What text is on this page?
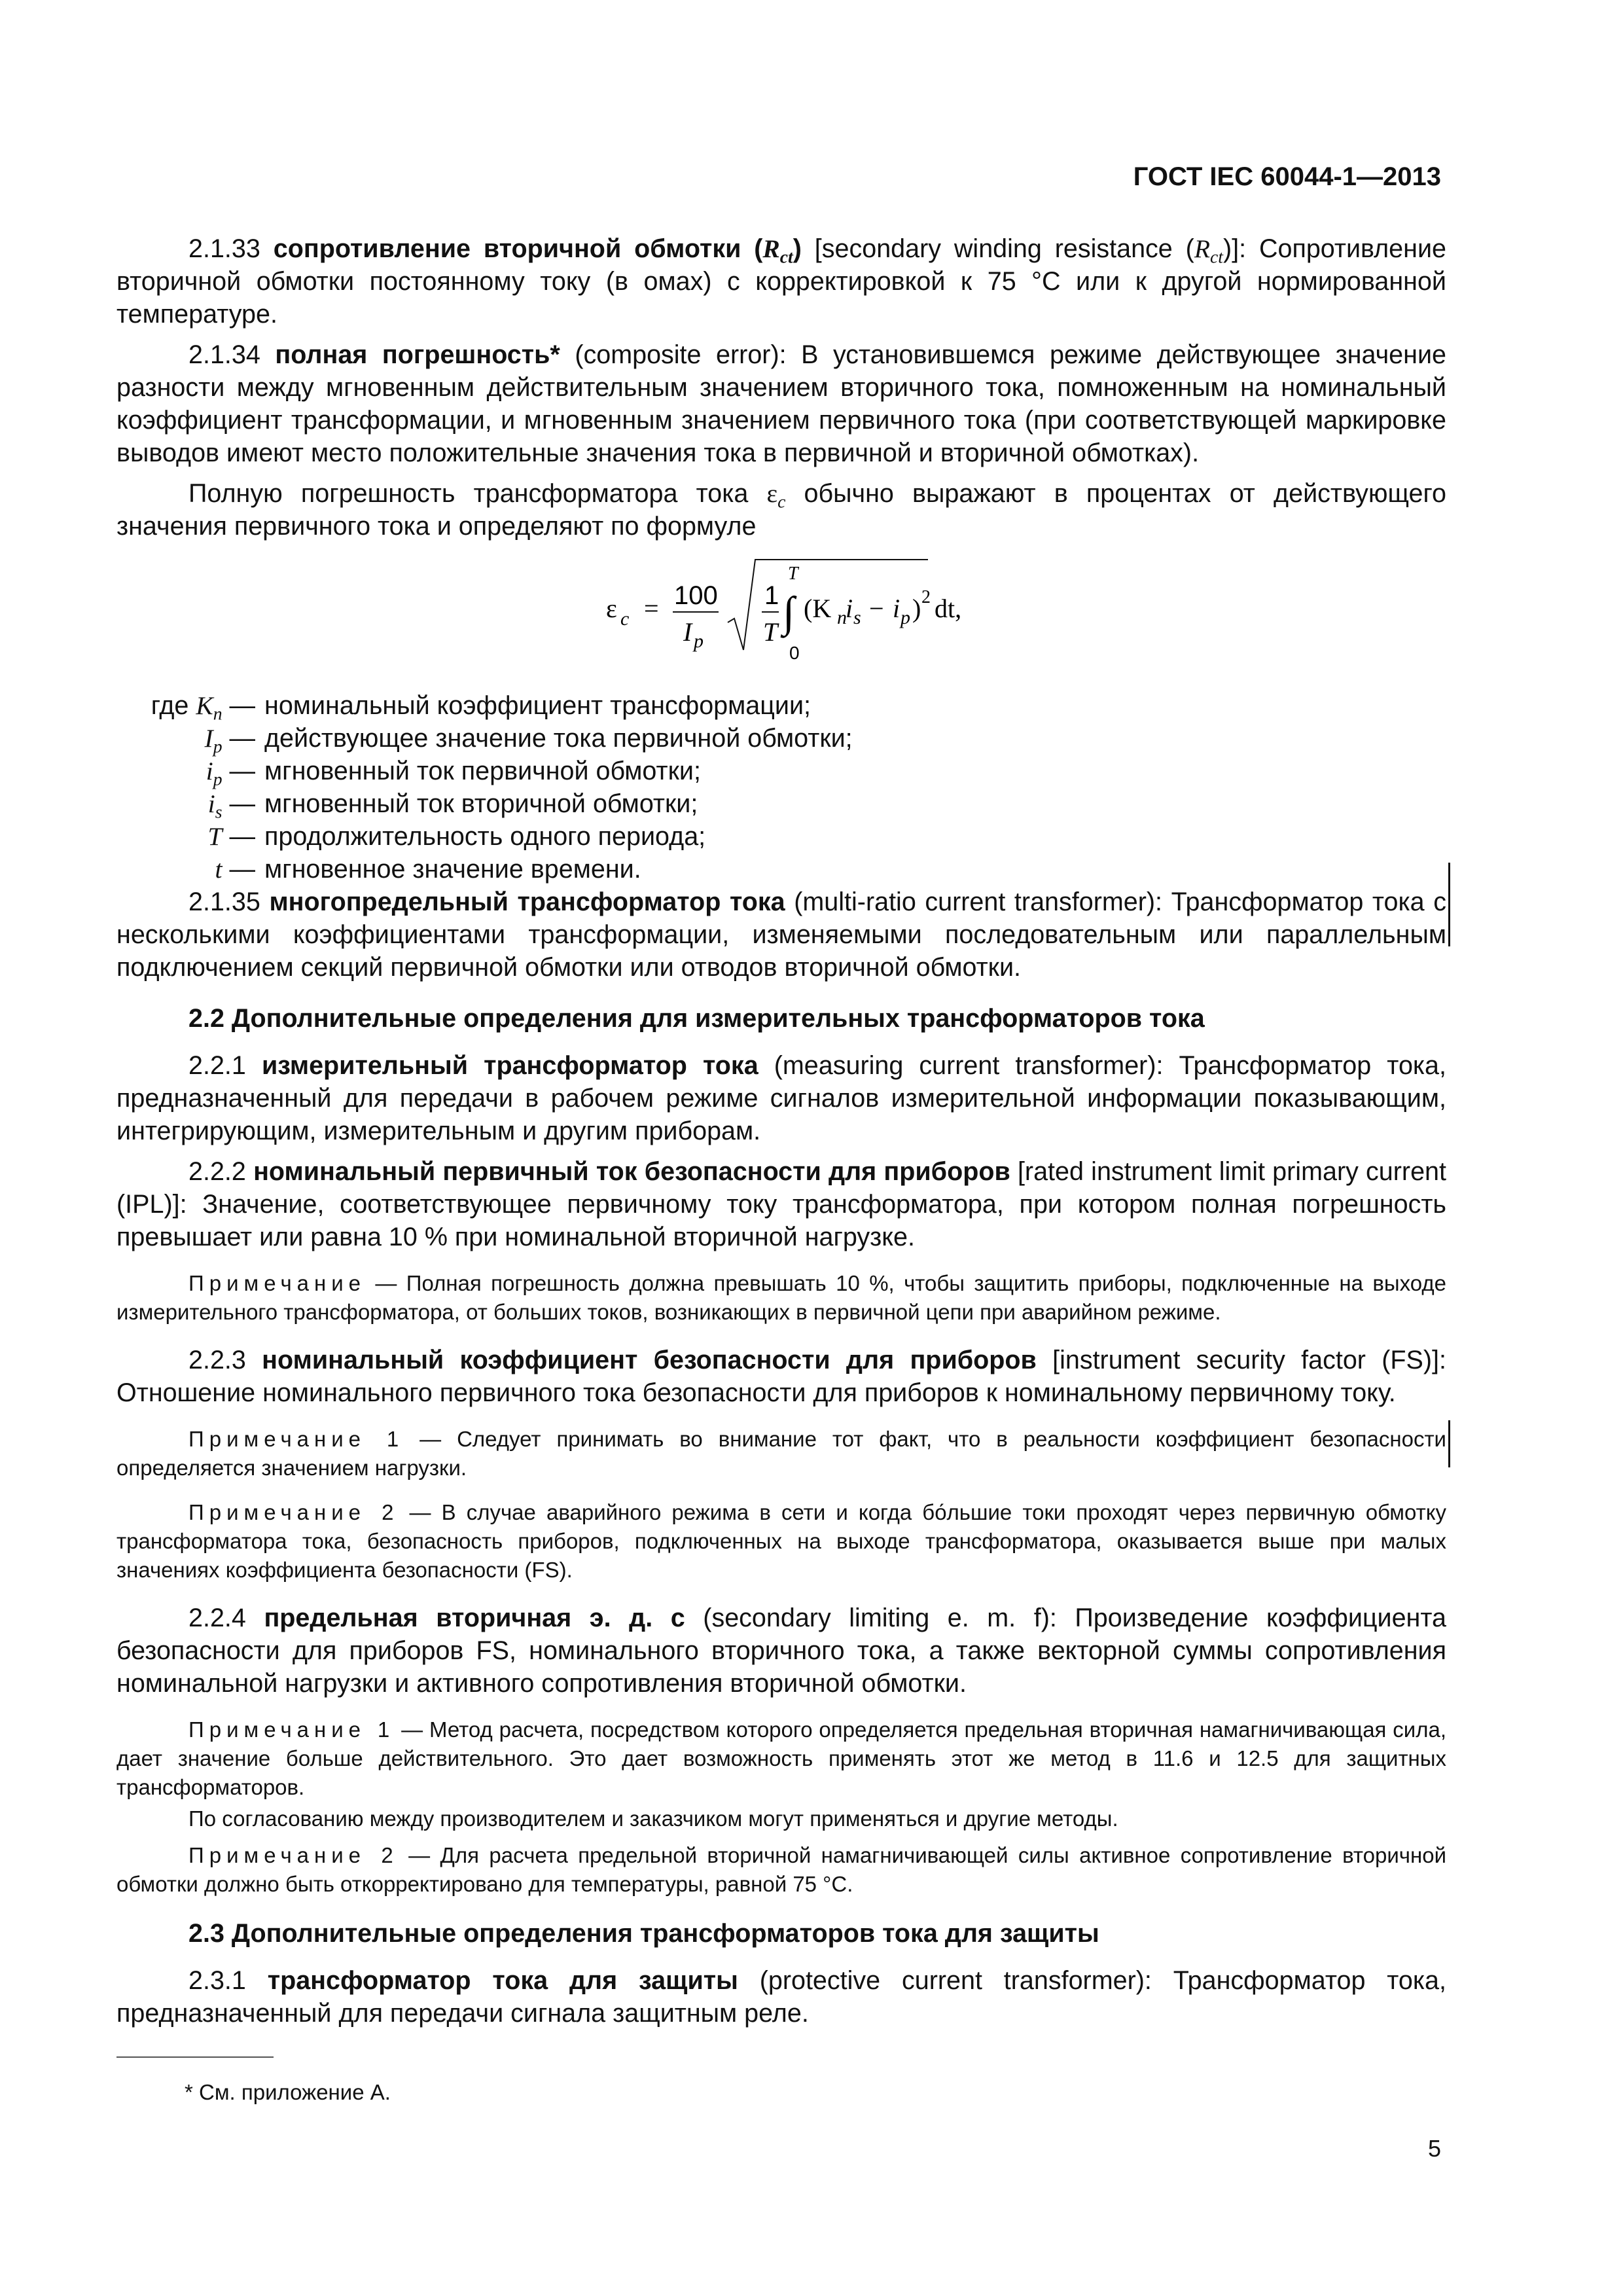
ГОСТ IEC 60044-1—2013

2.1.33 сопротивление вторичной обмотки $(R_{ct})$ [secondary winding resistance $(R_{ct})$]: Сопротивление вторичной обмотки постоянному току (в омах) с корректировкой к 75 °С или к другой нормированной температуре.

2.1.34 полная погрешность* (composite error): В установившемся режиме действующее значение разности между мгновенным действительным значением вторичного тока, помноженным на номинальный коэффициент трансформации, и мгновенным значением первичного тока (при соответствующей маркировке выводов имеют место положительные значения тока в первичной и вторичной обмотках).

Полную погрешность трансформатора тока $\varepsilon_c$ обычно выражают в процентах от действующего значения первичного тока и определяют по формуле

ε c = 100
I p
1
T
T
∫
0
(K n
i s − i p ) 2 dt,
где $K_n$ — номинальный коэффициент трансформации;
$I_p$ — действующее значение тока первичной обмотки;
$i_p$ — мгновенный ток первичной обмотки;
$i_s$ — мгновенный ток вторичной обмотки;
T — продолжительность одного периода;
t — мгновенное значение времени.

2.1.35 многопредельный трансформатор тока (multi-ratio current transformer): Трансформатор тока с несколькими коэффициентами трансформации, изменяемыми последовательным или параллельным подключением секций первичной обмотки или отводов вторичной обмотки.

2.2 Дополнительные определения для измерительных трансформаторов тока

2.2.1 измерительный трансформатор тока (measuring current transformer): Трансформатор тока, предназначенный для передачи в рабочем режиме сигналов измерительной информации показывающим, интегрирующим, измерительным и другим приборам.

2.2.2 номинальный первичный ток безопасности для приборов [rated instrument limit primary current (IPL)]: Значение, соответствующее первичному току трансформатора, при котором полная погрешность превышает или равна 10 % при номинальной вторичной нагрузке.

Примечание — Полная погрешность должна превышать 10 %, чтобы защитить приборы, подключенные на выходе измерительного трансформатора, от больших токов, возникающих в первичной цепи при аварийном режиме.

2.2.3 номинальный коэффициент безопасности для приборов [instrument security factor (FS)]: Отношение номинального первичного тока безопасности для приборов к номинальному первичному току.

Примечание 1 — Следует принимать во внимание тот факт, что в реальности коэффициент безопасности определяется значением нагрузки.

Примечание 2 — В случае аварийного режима в сети и когда бо́льшие токи проходят через первичную обмотку трансформатора тока, безопасность приборов, подключенных на выходе трансформатора, оказывается выше при малых значениях коэффициента безопасности (FS).

2.2.4 предельная вторичная э. д. с (secondary limiting e. m. f): Произведение коэффициента безопасности для приборов FS, номинального вторичного тока, а также векторной суммы сопротивления номинальной нагрузки и активного сопротивления вторичной обмотки.

Примечание 1 — Метод расчета, посредством которого определяется предельная вторичная намагничивающая сила, дает значение больше действительного. Это дает возможность применять этот же метод в 11.6 и 12.5 для защитных трансформаторов.

По согласованию между производителем и заказчиком могут применяться и другие методы.

Примечание 2 — Для расчета предельной вторичной намагничивающей силы активное сопротивление вторичной обмотки должно быть откорректировано для температуры, равной 75 °С.

2.3 Дополнительные определения трансформаторов тока для защиты

2.3.1 трансформатор тока для защиты (protective current transformer): Трансформатор тока, предназначенный для передачи сигнала защитным реле.

* См. приложение А.
5
